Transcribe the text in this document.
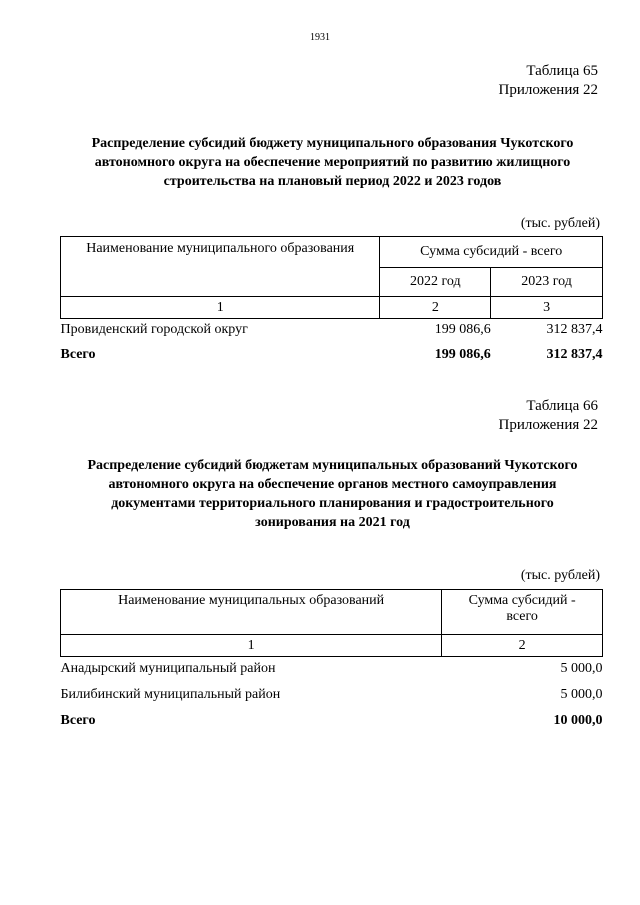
1931
Таблица 65
Приложения 22
Распределение субсидий бюджету муниципального образования Чукотского
автономного округа на обеспечение мероприятий по развитию жилищного
строительства на плановый период 2022 и 2023 годов
(тыс. рублей)
Наименование муниципального образования	Сумма субсидий - всего	
	2022 год	2023 год
1	2	3
Провиденский городской округ	199 086,6	312 837,4
Всего	199 086,6	312 837,4
Таблица 66
Приложения 22
Распределение субсидий бюджетам муниципальных образований Чукотского
автономного округа на обеспечение органов местного самоуправления
документами территориального планирования и градостроительного
зонирования на 2021 год
(тыс. рублей)
Наименование муниципальных образований	Сумма субсидий -
всего

1	2
Анадырский муниципальный район	5 000,0
Билибинский муниципальный район	5 000,0
Всего	10 000,0
